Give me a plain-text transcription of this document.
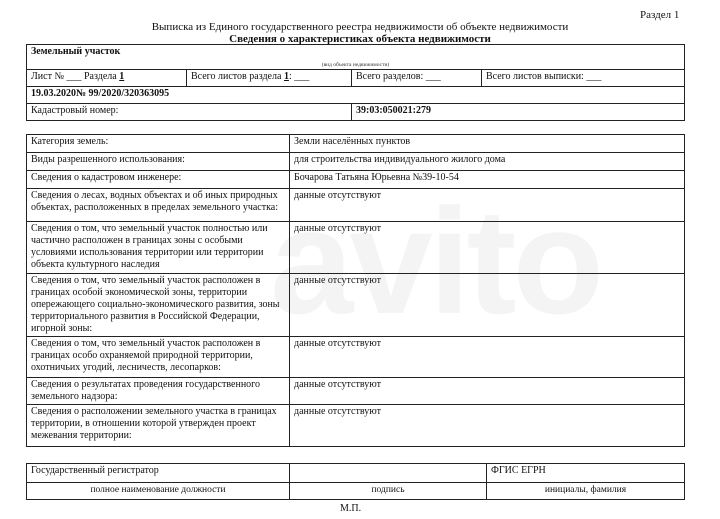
Раздел 1
Выписка из Единого государственного реестра недвижимости об объекте недвижимости
Сведения о характеристиках объекта недвижимости
Земельный участок			
(вид объекта недвижимости)			
Лист № ___ Раздела 1	Всего листов раздела 1: ___	Всего разделов: ___	Всего листов выписки: ___
19.03.2020№ 99/2020/320363095			
Кадастровый номер:		39:03:050021:279	
Категория земель:	Земли населённых пунктов
Виды разрешенного использования:	для строительства индивидуального жилого дома
Сведения о кадастровом инженере:	Бочарова Татьяна Юрьевна №39-10-54
Сведения о лесах, водных объектах и об иных природных объектах, расположенных в пределах земельного участка:	данные отсутствуют
Сведения о том, что земельный участок полностью или частично расположен в границах зоны с особыми условиями использования территории или территории объекта культурного наследия	данные отсутствуют
Сведения о том, что земельный участок расположен в границах особой экономической зоны, территории опережающего социально-экономического развития, зоны территориального развития в Российской Федерации, игорной зоны:	данные отсутствуют
Сведения о том, что земельный участок расположен в границах особо охраняемой природной территории, охотничьих угодий, лесничеств, лесопарков:	данные отсутствуют
Сведения о результатах проведения государственного земельного надзора:	данные отсутствуют
Сведения о расположении земельного участка в границах территории, в отношении которой утвержден проект межевания территории:	данные отсутствуют
Государственный регистратор		ФГИС ЕГРН
полное наименование должности	подпись	инициалы, фамилия
М.П.
